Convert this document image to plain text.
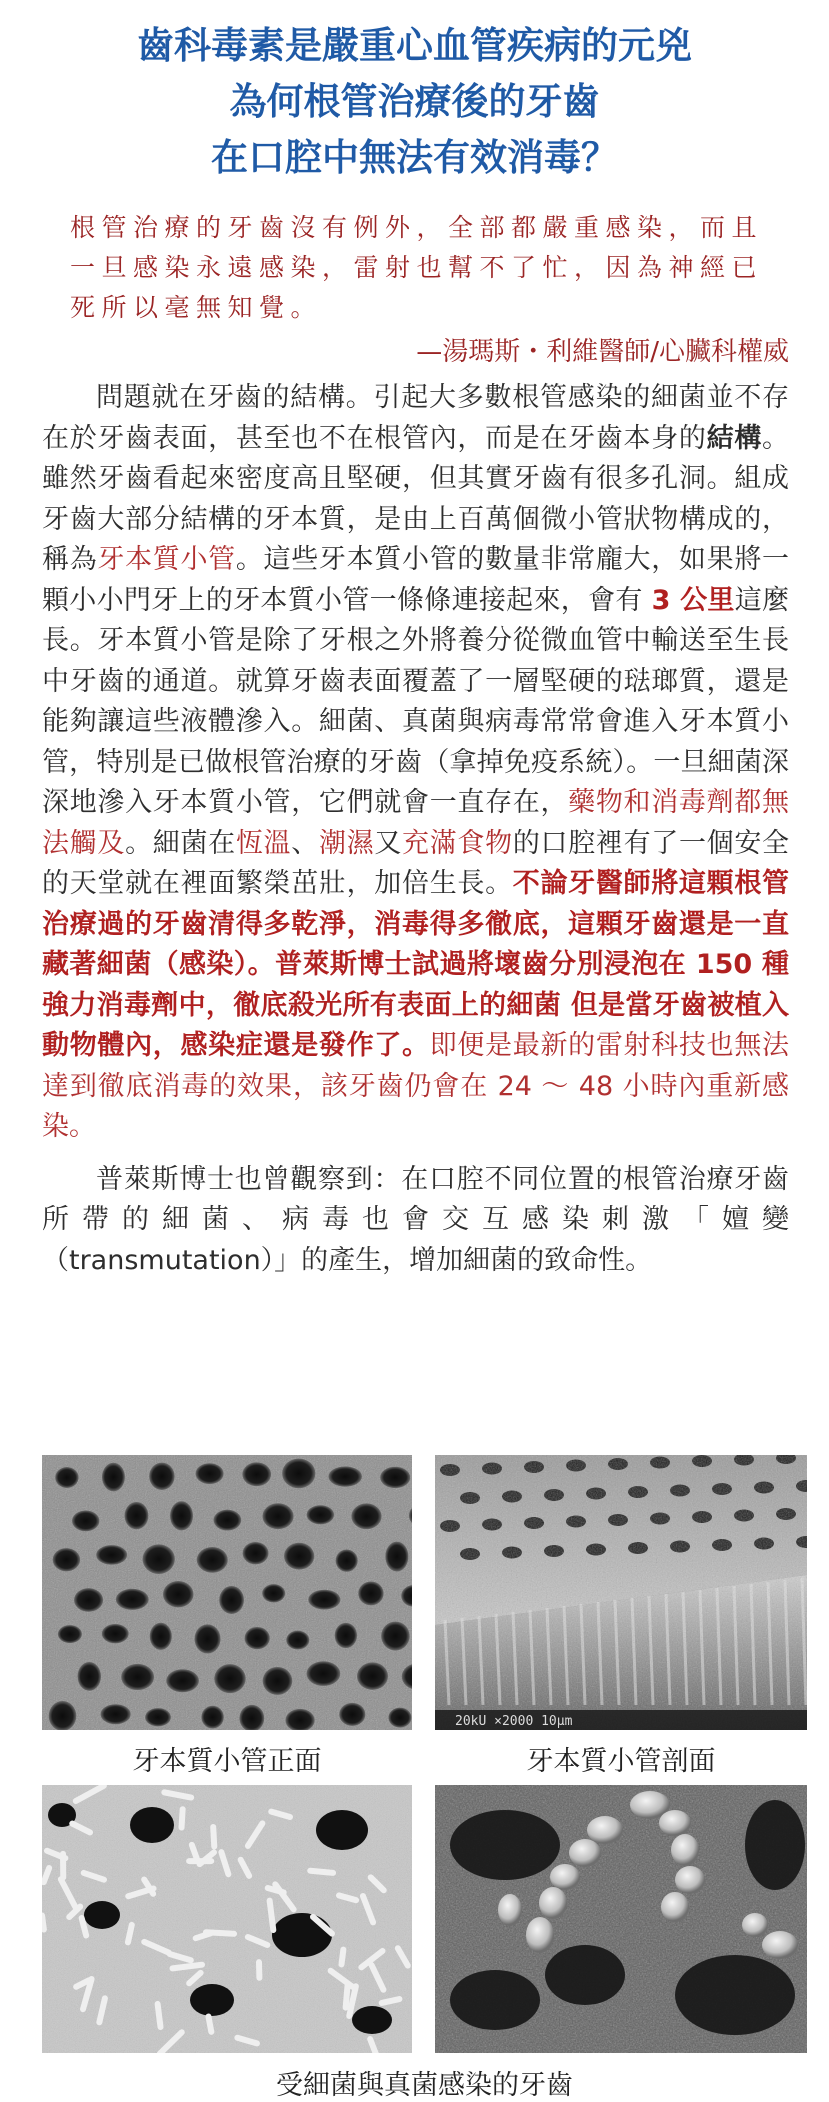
齒科毒素是嚴重心血管疾病的元兇
為何根管治療後的牙齒
在口腔中無法有效消毒？
根管治療的牙齒沒有例外，全部都嚴重感染，而且一旦感染永遠感染，雷射也幫不了忙，因為神經已死所以毫無知覺。
—湯瑪斯・利維醫師/心臟科權威

問題就在牙齒的結構。引起大多數根管感染的細菌並不存在於牙齒表面，甚至也不在根管內，而是在牙齒本身的結構。雖然牙齒看起來密度高且堅硬，但其實牙齒有很多孔洞。組成牙齒大部分結構的牙本質，是由上百萬個微小管狀物構成的，稱為牙本質小管。這些牙本質小管的數量非常龐大，如果將一顆小小門牙上的牙本質小管一條條連接起來，會有 3 公里這麼長。牙本質小管是除了牙根之外將養分從微血管中輸送至生長中牙齒的通道。就算牙齒表面覆蓋了一層堅硬的琺瑯質，還是能夠讓這些液體滲入。細菌、真菌與病毒常常會進入牙本質小管，特別是已做根管治療的牙齒（拿掉免疫系統）。一旦細菌深深地滲入牙本質小管，它們就會一直存在，藥物和消毒劑都無法觸及。細菌在恆溫、潮濕又充滿食物的口腔裡有了一個安全的天堂就在裡面繁榮茁壯，加倍生長。不論牙醫師將這顆根管治療過的牙齒清得多乾淨，消毒得多徹底，這顆牙齒還是一直藏著細菌（感染）。普萊斯博士試過將壞齒分別浸泡在 150 種強力消毒劑中，徹底殺光所有表面上的細菌 但是當牙齒被植入動物體內，感染症還是發作了。即便是最新的雷射科技也無法達到徹底消毒的效果，該牙齒仍會在 24 ～ 48 小時內重新感染。

普萊斯博士也曾觀察到：在口腔不同位置的根管治療牙齒所帶的細菌、病毒也會交互感染刺激「嬗變（transmutation）」的產生，增加細菌的致命性。

20kU ×2000 10µm
牙本質小管正面	牙本質小管剖面
受細菌與真菌感染的牙齒
